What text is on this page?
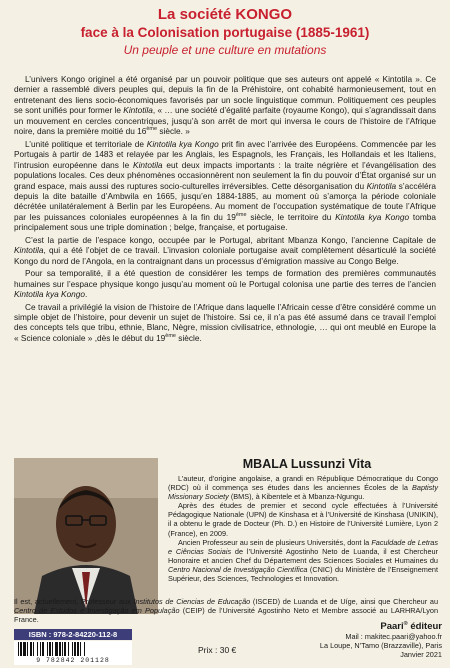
La société KONGO
face à la Colonisation portugaise (1885-1961)
Un peuple et une culture en mutations

L’univers Kongo originel a été organisé par un pouvoir politique que ses auteurs ont appelé « Kintotila ». Ce dernier a rassemblé divers peuples qui, depuis la fin de la Préhistoire, ont cohabité harmonieusement, tout en entretenant des liens socio-économiques favorisés par un socle linguistique commun. Politiquement ces peuples se sont unifiés pour former le Kintotila, « … une société d’égalité parfaite (royaume Kongo), qui s’agrandissait dans un mouvement en cercles concentriques, jusqu’à son arrêt de mort qui inversa le cours de l’histoire de l’Afrique noire, dans la première moitié du 16ème siècle. »

L’unité politique et territoriale de Kintotila kya Kongo prit fin avec l’arrivée des Européens. Commencée par les Portugais à partir de 1483 et relayée par les Anglais, les Espagnols, les Français, les Hollandais et les Italiens, l’intrusion européenne dans le Kintotila eut deux impacts importants : la traite négrière et l’évangélisation des populations locales. Ces deux phénomènes occasionnèrent non seulement la fin du pouvoir d’État organisé sur un grand espace, mais aussi des ruptures socio-culturelles irréversibles. Cette désorganisation du Kintotila s’accéléra depuis la dite bataille d’Ambwila en 1665, jusqu’en 1884-1885, au moment où s’amorça la période coloniale décrétée unilatéralement à Berlin par les Européens. Au moment de l’occupation systématique de toute l’Afrique par les puissances coloniales européennes à la fin du 19ème siècle, le territoire du Kintotila kya Kongo tomba principalement sous une triple domination ; belge, française, et portugaise.

C’est la partie de l’espace kongo, occupée par le Portugal, abritant Mbanza Kongo, l’ancienne Capitale de Kintotila, qui a été l’objet de ce travail. L’invasion coloniale portugaise avait complètement désarticulé la société Kongo du nord de l’Angola, en la contraignant dans un processus d’émigration massive au Congo Belge.

Pour sa temporalité, il a été question de considérer les temps de formation des premières communautés humaines sur l’espace physique kongo jusqu’au moment où le Portugal colonisa une partie des terres de l’ancien Kintotila kya Kongo.

Ce travail a privilégié la vision de l’histoire de l’Afrique dans laquelle l’Africain cesse d’être considéré comme un simple objet de l’histoire, pour devenir un sujet de l’histoire. Ssi ce, il n’a pas été assumé dans ce travail l’emploi des concepts tels que tribu, ethnie, Blanc, Nègre, mission civilisatrice, ethnologie, … qui ont meublé en Europe la « Science coloniale » ,dès le début du 19ème siècle.

MBALA Lussunzi Vita

L’auteur, d’origine angolaise, a grandi en République Démocratique du Congo (RDC) où il commença ses études dans les anciennes Écoles de la Baptisty Missionary Society (BMS), à Kibentele et à Mbanza-Ngungu.

Après des études de premier et second cycle effectuées à l’Université Pédagogique Nationale (UPN) de Kinshasa et à l’Université de Kinshasa (UNIKIN), il a obtenu le grade de Docteur (Ph. D.) en Histoire de l’Université Lumière, Lyon 2 (France), en 2009.

Ancien Professeur au sein de plusieurs Universités, dont la Faculdade de Letras e Ciências Sociais de l’Université Agostinho Neto de Luanda, il est Chercheur Honoraire et ancien Chef du Département des Sciences Sociales et Humaines du Centro Nacional de Investigação Científica (CNIC) du Ministère de l’Enseignement Supérieur, des Sciences, Technologies et Innovation.

Il est, actuellement, Professeur aux Institutos de Ciencias de Educação (ISCED) de Luanda et de Uíge, ainsi que Chercheur au Centro de Estudos e Investigação em População (CEIP) de l’Université Agostinho Neto et Membre associé au LARHRA/Lyon France.
ISBN : 978-2-84220-112-8
9 782842 201128
Prix : 30 €
Paari® éditeur
Mail : makitec.paari@yahoo.fr
La Loupe, N’Tamo (Brazzaville), Paris
Janvier 2021
